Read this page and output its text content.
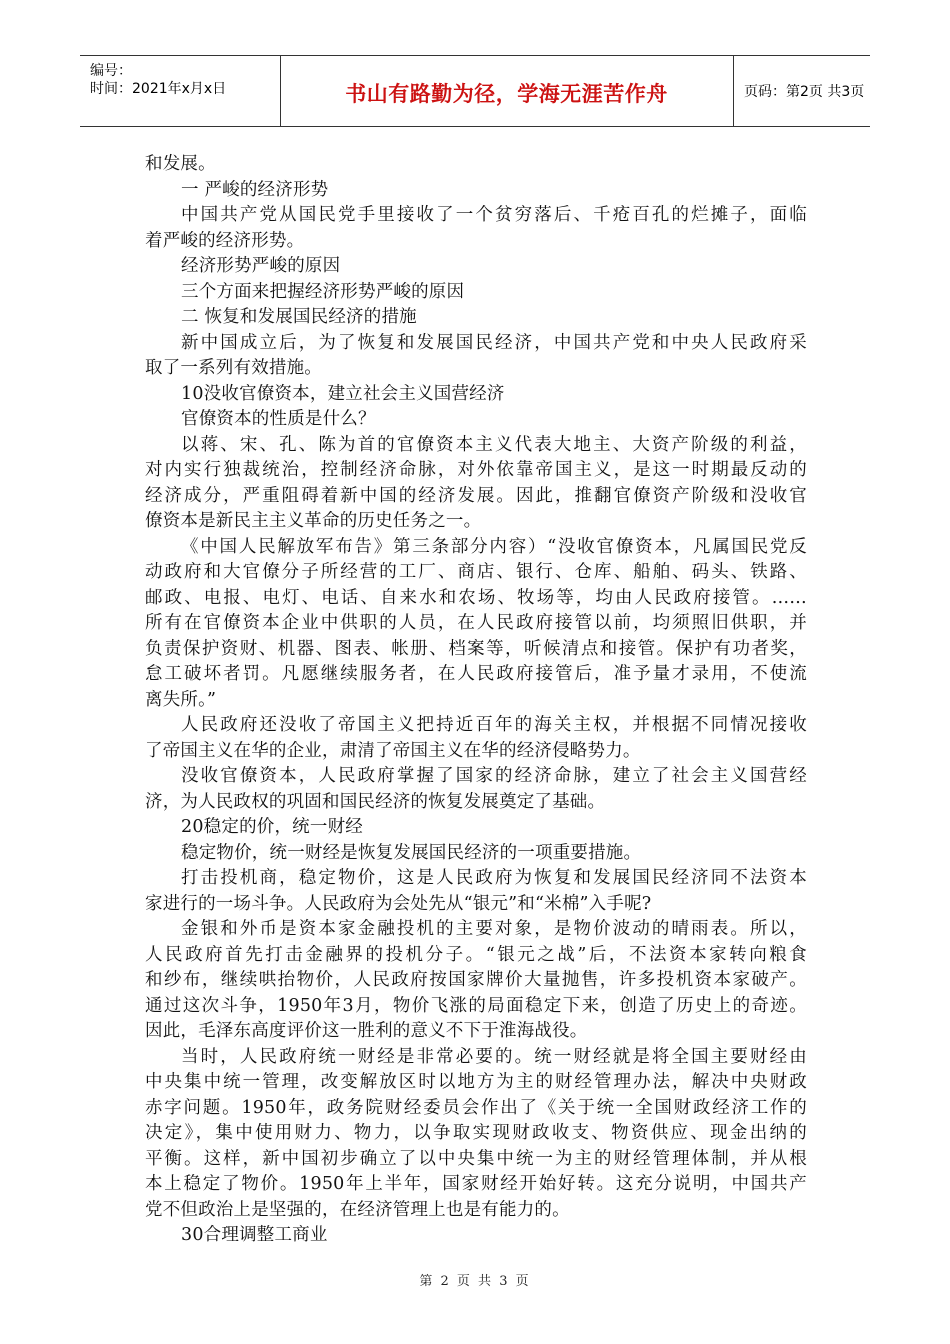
编号：
时间：2021年x月x日	书山有路勤为径，学海无涯苦作舟	页码：第2页 共3页
和发展。
一 严峻的经济形势
中国共产党从国民党手里接收了一个贫穷落后、千疮百孔的烂摊子，面临
着严峻的经济形势。
经济形势严峻的原因
三个方面来把握经济形势严峻的原因
二 恢复和发展国民经济的措施
新中国成立后，为了恢复和发展国民经济，中国共产党和中央人民政府采
取了一系列有效措施。
10没收官僚资本，建立社会主义国营经济
官僚资本的性质是什么？
以蒋、宋、孔、陈为首的官僚资本主义代表大地主、大资产阶级的利益，
对内实行独裁统治，控制经济命脉，对外依靠帝国主义，是这一时期最反动的
经济成分，严重阻碍着新中国的经济发展。因此，推翻官僚资产阶级和没收官
僚资本是新民主主义革命的历史任务之一。
《中国人民解放军布告》第三条部分内容）“没收官僚资本，凡属国民党反
动政府和大官僚分子所经营的工厂、商店、银行、仓库、船舶、码头、铁路、
邮政、电报、电灯、电话、自来水和农场、牧场等，均由人民政府接管。……
所有在官僚资本企业中供职的人员，在人民政府接管以前，均须照旧供职，并
负责保护资财、机器、图表、帐册、档案等，听候清点和接管。保护有功者奖，
怠工破坏者罚。凡愿继续服务者，在人民政府接管后，准予量才录用，不使流
离失所。”
人民政府还没收了帝国主义把持近百年的海关主权，并根据不同情况接收
了帝国主义在华的企业，肃清了帝国主义在华的经济侵略势力。
没收官僚资本，人民政府掌握了国家的经济命脉，建立了社会主义国营经
济，为人民政权的巩固和国民经济的恢复发展奠定了基础。
20稳定的价，统一财经
稳定物价，统一财经是恢复发展国民经济的一项重要措施。
打击投机商，稳定物价，这是人民政府为恢复和发展国民经济同不法资本
家进行的一场斗争。人民政府为会处先从“银元”和“米棉”入手呢?
金银和外币是资本家金融投机的主要对象，是物价波动的晴雨表。所以，
人民政府首先打击金融界的投机分子。“银元之战”后，不法资本家转向粮食
和纱布，继续哄抬物价，人民政府按国家牌价大量抛售，许多投机资本家破产。
通过这次斗争，1950年3月，物价飞涨的局面稳定下来，创造了历史上的奇迹。
因此，毛泽东高度评价这一胜利的意义不下于淮海战役。
当时，人民政府统一财经是非常必要的。统一财经就是将全国主要财经由
中央集中统一管理，改变解放区时以地方为主的财经管理办法，解决中央财政
赤字问题。1950年，政务院财经委员会作出了《关于统一全国财政经济工作的
决定》，集中使用财力、物力，以争取实现财政收支、物资供应、现金出纳的
平衡。这样，新中国初步确立了以中央集中统一为主的财经管理体制，并从根
本上稳定了物价。1950年上半年，国家财经开始好转。这充分说明，中国共产
党不但政治上是坚强的，在经济管理上也是有能力的。
30合理调整工商业
第 2 页 共 3 页
